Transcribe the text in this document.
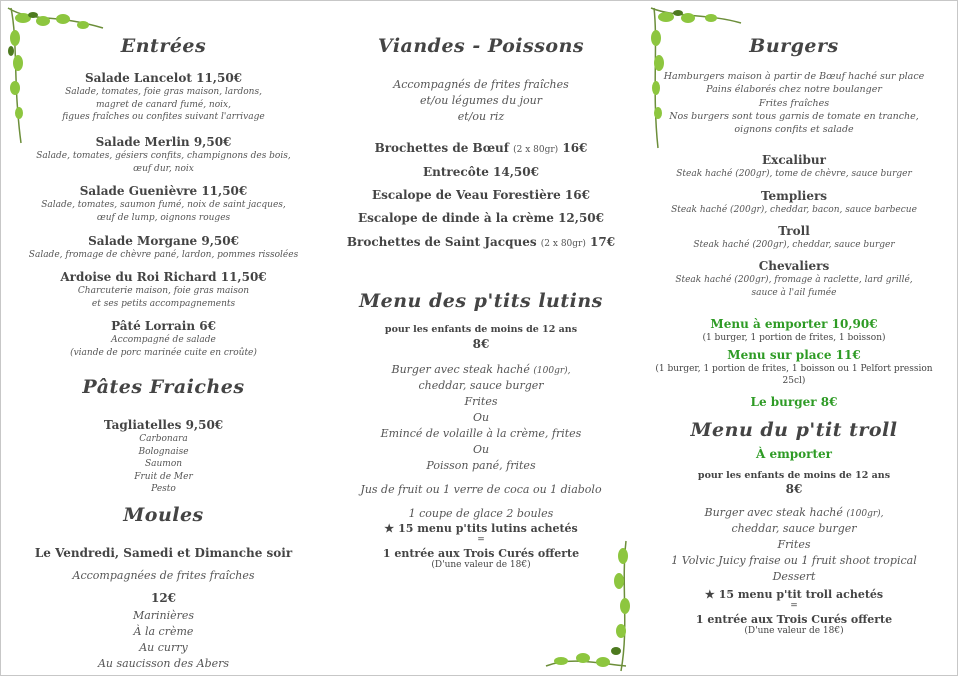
Entrées

Salade Lancelot 11,50€

Salade, tomates, foie gras maison, lardons,

magret de canard fumé, noix,

figues fraîches ou confites suivant l'arrivage

Salade Merlin 9,50€

Salade, tomates, gésiers confits, champignons des bois,

œuf dur, noix

Salade Guenièvre 11,50€

Salade, tomates, saumon fumé, noix de saint jacques,

œuf de lump, oignons rouges

Salade Morgane 9,50€

Salade, fromage de chèvre pané, lardon, pommes rissolées

Ardoise du Roi Richard 11,50€

Charcuterie maison, foie gras maison

et ses petits accompagnements

Pâté Lorrain 6€

Accompagné de salade

(viande de porc marinée cuite en croûte)

Pâtes Fraiches

Tagliatelles 9,50€

Carbonara

Bolognaise

Saumon

Fruit de Mer

Pesto

Moules

Le Vendredi, Samedi et Dimanche soir

Accompagnées de frites fraîches

12€

Marinières

À la crème

Au curry

Au saucisson des Abers

Viandes - Poissons

Accompagnés de frites fraîches

et/ou légumes du jour

et/ou riz

Brochettes de Bœuf (2 x 80gr) 16€

Entrecôte 14,50€

Escalope de Veau Forestière 16€

Escalope de dinde à la crème 12,50€

Brochettes de Saint Jacques (2 x 80gr) 17€

Menu des p'tits lutins

pour les enfants de moins de 12 ans

8€

Burger avec steak haché (100gr),

cheddar, sauce burger

Frites

Ou

Emincé de volaille à la crème, frites

Ou

Poisson pané, frites

Jus de fruit ou 1 verre de coca ou 1 diabolo

1 coupe de glace 2 boules

★ 15 menu p'tits lutins achetés

=

1 entrée aux Trois Curés offerte

(D'une valeur de 18€)

Burgers

Hamburgers maison à partir de Bœuf haché sur place

Pains élaborés chez notre boulanger

Frites fraîches

Nos burgers sont tous garnis de tomate en tranche,

oignons confits et salade

Excalibur

Steak haché (200gr), tome de chèvre, sauce burger

Templiers

Steak haché (200gr), cheddar, bacon, sauce barbecue

Troll

Steak haché (200gr), cheddar, sauce burger

Chevaliers

Steak haché (200gr), fromage à raclette, lard grillé,

sauce à l'ail fumée

Menu à emporter 10,90€

(1 burger, 1 portion de frites, 1 boisson)

Menu sur place 11€

(1 burger, 1 portion de frites, 1 boisson ou 1 Pelfort pression 25cl)

Le burger 8€

Menu du p'tit troll

À emporter

pour les enfants de moins de 12 ans

8€

Burger avec steak haché (100gr),

cheddar, sauce burger

Frites

1 Volvic Juicy fraise ou 1 fruit shoot tropical

Dessert

★ 15 menu p'tit troll achetés

=

1 entrée aux Trois Curés offerte

(D'une valeur de 18€)
